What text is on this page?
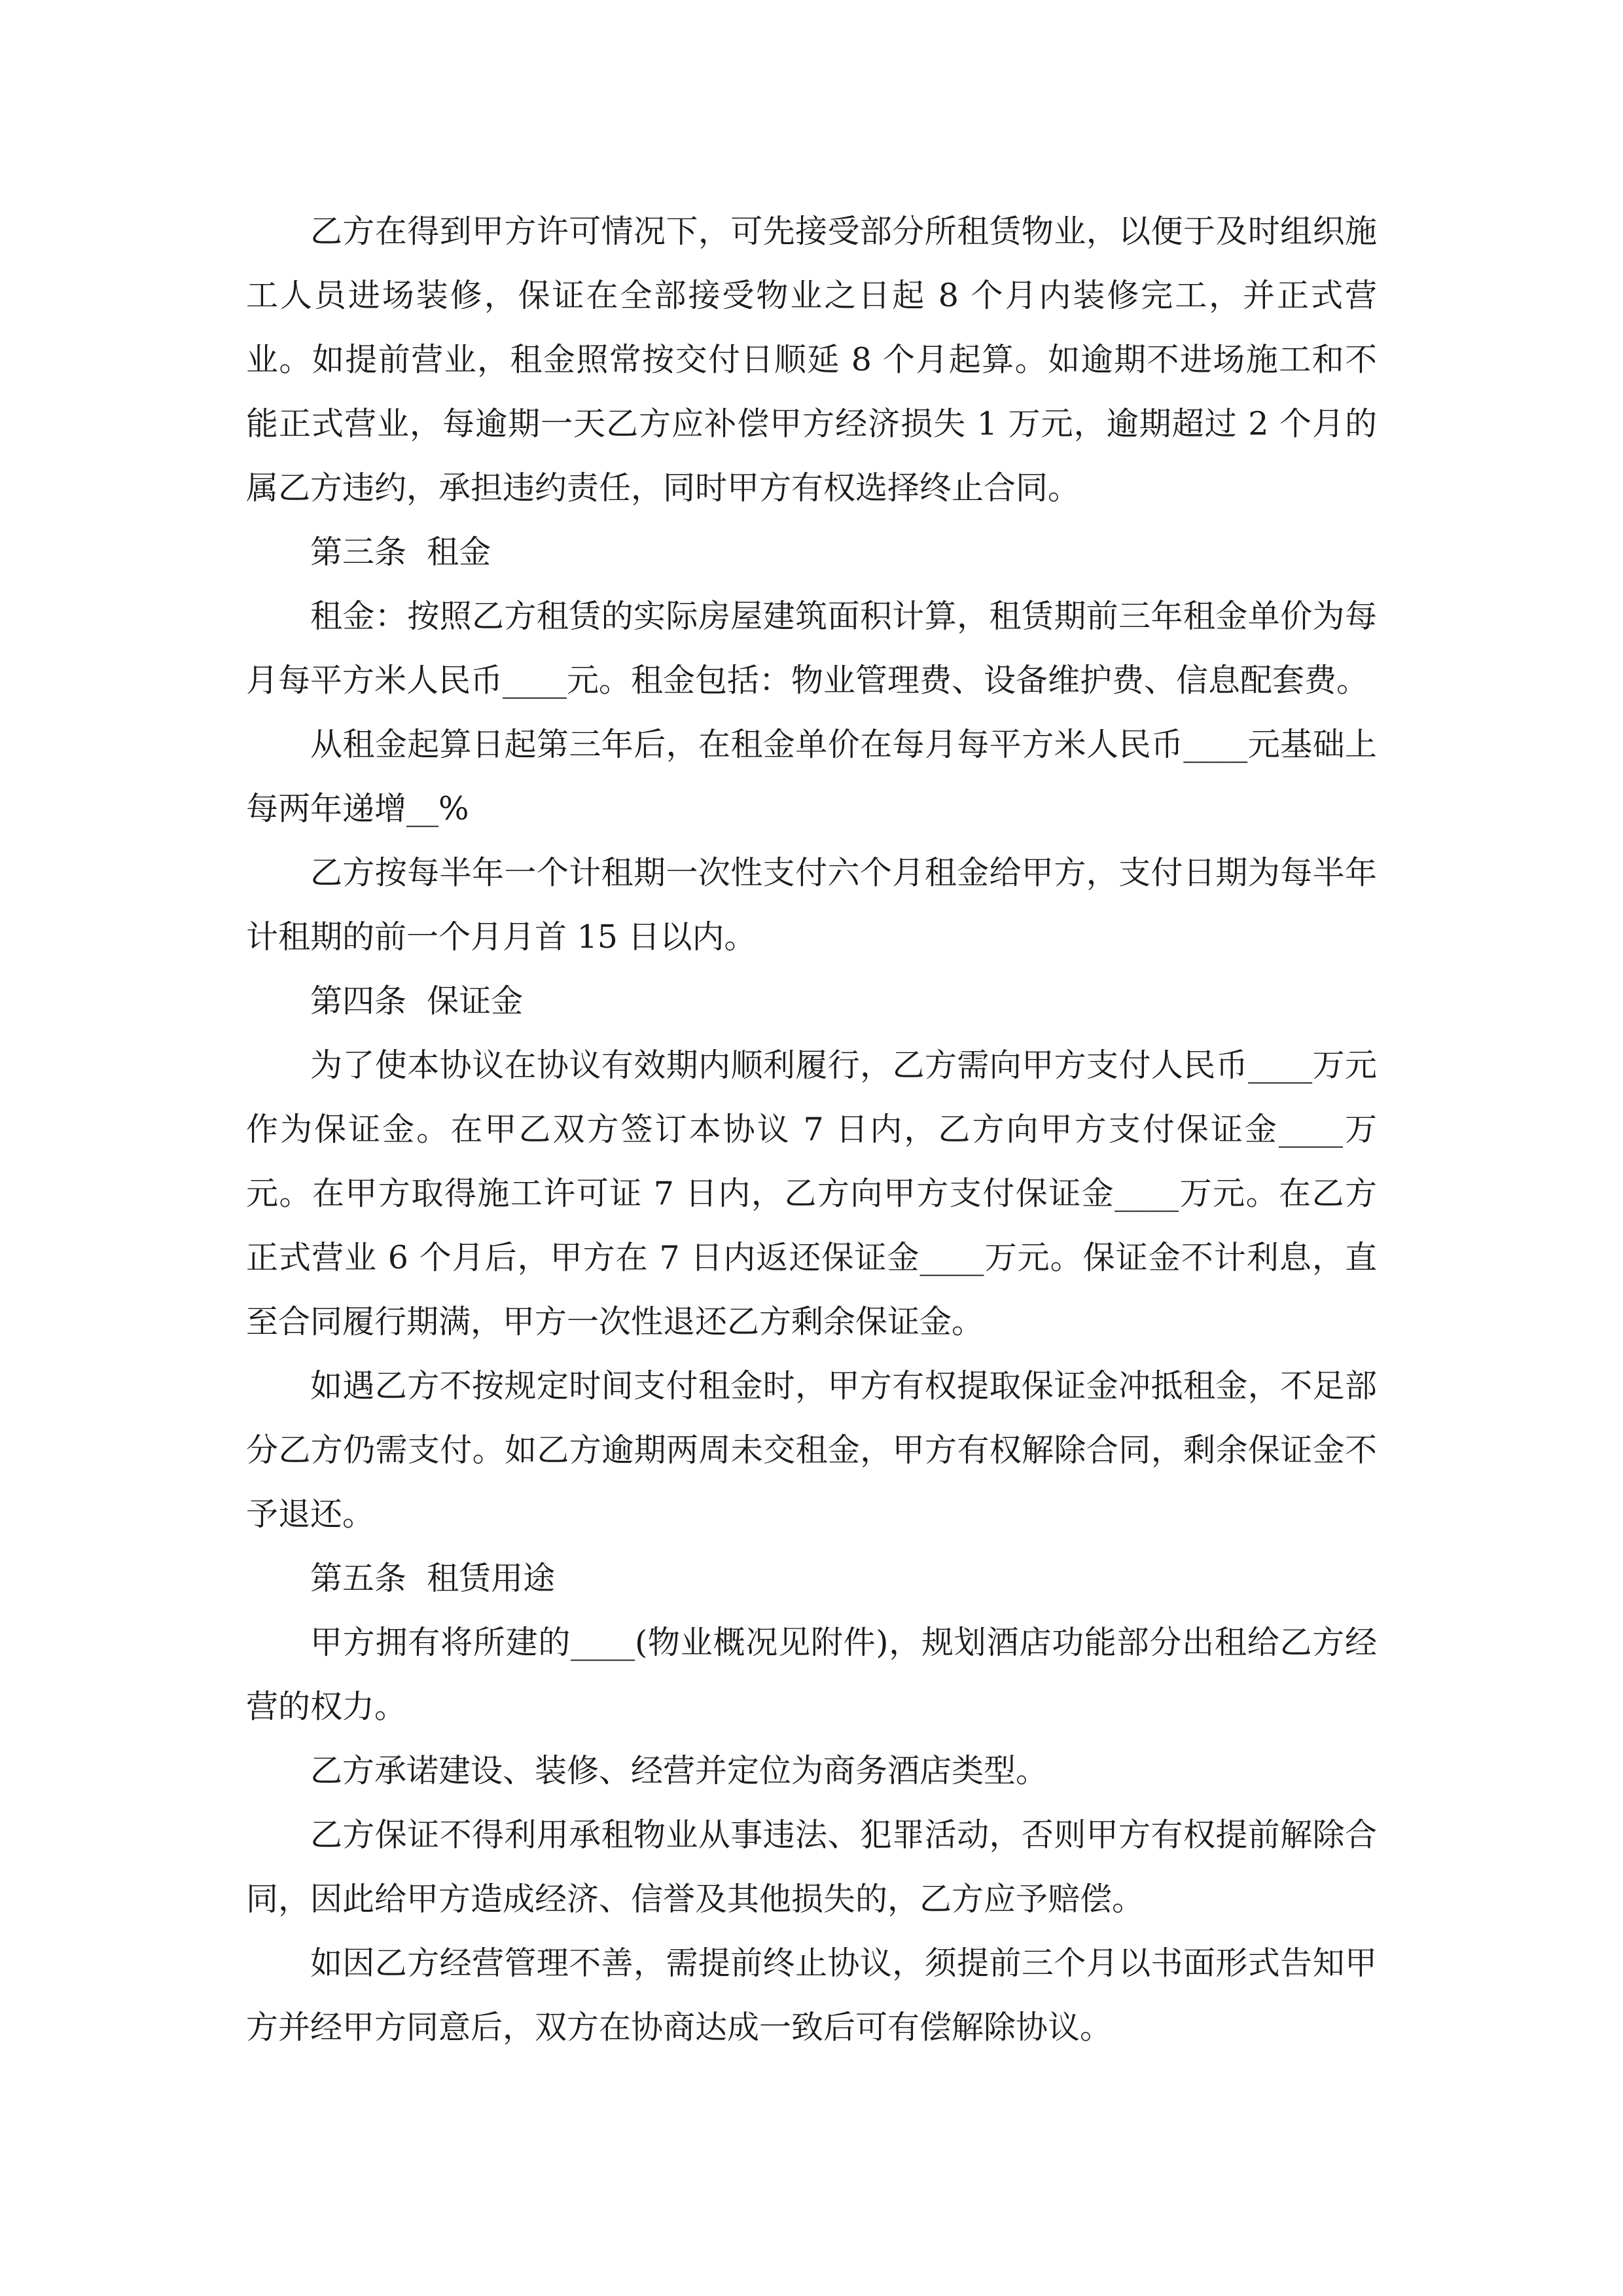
乙方在得到甲方许可情况下，可先接受部分所租赁物业，以便于及时组织施工人员进场装修，保证在全部接受物业之日起 8 个月内装修完工，并正式营业。如提前营业，租金照常按交付日顺延 8 个月起算。如逾期不进场施工和不能正式营业，每逾期一天乙方应补偿甲方经济损失 1 万元，逾期超过 2 个月的属乙方违约，承担违约责任，同时甲方有权选择终止合同。

第三条  租金

租金：按照乙方租赁的实际房屋建筑面积计算，租赁期前三年租金单价为每月每平方米人民币____元。租金包括：物业管理费、设备维护费、信息配套费。

从租金起算日起第三年后，在租金单价在每月每平方米人民币____元基础上每两年递增__%

乙方按每半年一个计租期一次性支付六个月租金给甲方，支付日期为每半年计租期的前一个月月首 15 日以内。

第四条  保证金

为了使本协议在协议有效期内顺利履行，乙方需向甲方支付人民币____万元作为保证金。在甲乙双方签订本协议 7 日内，乙方向甲方支付保证金____万元。在甲方取得施工许可证 7 日内，乙方向甲方支付保证金____万元。在乙方正式营业 6 个月后，甲方在 7 日内返还保证金____万元。保证金不计利息，直至合同履行期满，甲方一次性退还乙方剩余保证金。

如遇乙方不按规定时间支付租金时，甲方有权提取保证金冲抵租金，不足部分乙方仍需支付。如乙方逾期两周未交租金，甲方有权解除合同，剩余保证金不予退还。

第五条  租赁用途

甲方拥有将所建的____(物业概况见附件)，规划酒店功能部分出租给乙方经营的权力。

乙方承诺建设、装修、经营并定位为商务酒店类型。

乙方保证不得利用承租物业从事违法、犯罪活动，否则甲方有权提前解除合同，因此给甲方造成经济、信誉及其他损失的，乙方应予赔偿。

如因乙方经营管理不善，需提前终止协议，须提前三个月以书面形式告知甲方并经甲方同意后，双方在协商达成一致后可有偿解除协议。
